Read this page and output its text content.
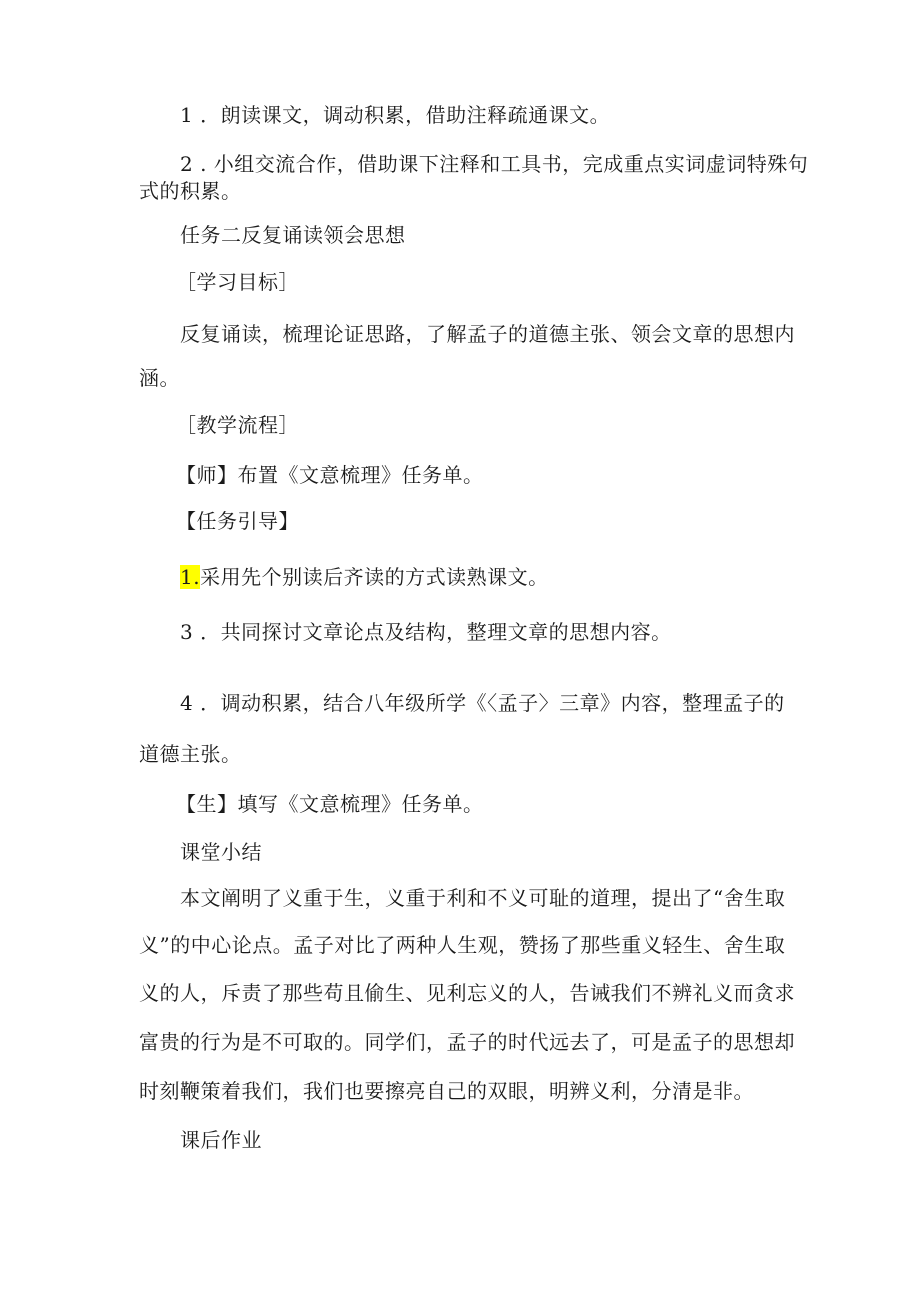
1 ．朗读课文，调动积累，借助注释疏通课文。
2 . 小组交流合作，借助课下注释和工具书，完成重点实词虚词特殊句
式的积累。
任务二反复诵读领会思想
［学习目标］
反复诵读，梳理论证思路，了解孟子的道德主张、领会文章的思想内
涵。
［教学流程］
【师】布置《文意梳理》任务单。
【任务引导】
1.采用先个别读后齐读的方式读熟课文。
3 ．共同探讨文章论点及结构，整理文章的思想内容。
4 ．调动积累，结合八年级所学《〈孟子〉三章》内容，整理孟子的
道德主张。
【生】填写《文意梳理》任务单。
课堂小结
本文阐明了义重于生，义重于利和不义可耻的道理，提出了“舍生取
义”的中心论点。孟子对比了两种人生观，赞扬了那些重义轻生、舍生取
义的人，斥责了那些苟且偷生、见利忘义的人，告诫我们不辨礼义而贪求
富贵的行为是不可取的。同学们，孟子的时代远去了，可是孟子的思想却
时刻鞭策着我们，我们也要擦亮自己的双眼，明辨义利，分清是非。
课后作业
